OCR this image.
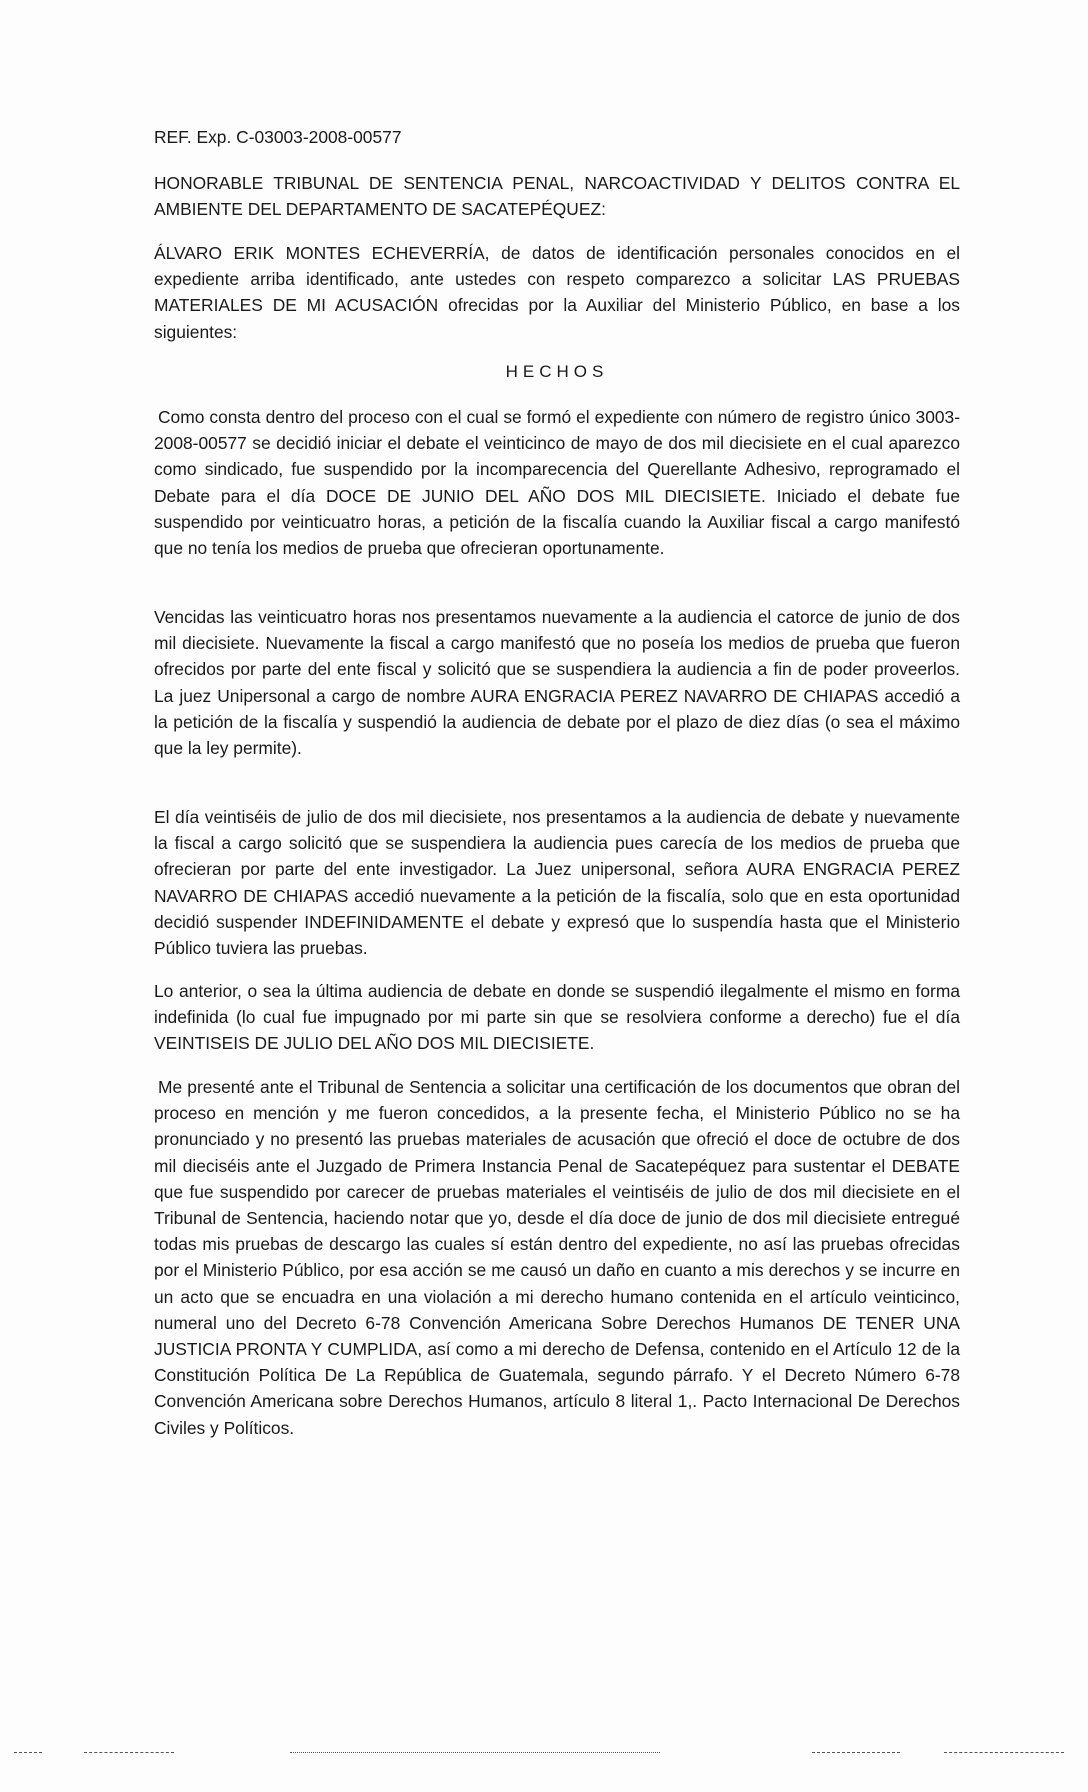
REF. Exp. C-03003-2008-00577

HONORABLE TRIBUNAL DE SENTENCIA PENAL, NARCOACTIVIDAD Y DELITOS CONTRA EL AMBIENTE DEL DEPARTAMENTO DE SACATEPÉQUEZ:

ÁLVARO ERIK MONTES ECHEVERRÍA, de datos de identificación personales conocidos en el expediente arriba identificado, ante ustedes con respeto comparezco a solicitar LAS PRUEBAS MATERIALES DE MI ACUSACIÓN ofrecidas por la Auxiliar del Ministerio Público, en base a los siguientes:

HECHOS

Como consta dentro del proceso con el cual se formó el expediente con número de registro único 3003-2008-00577 se decidió iniciar el debate el veinticinco de mayo de dos mil diecisiete en el cual aparezco como sindicado, fue suspendido por la incomparecencia del Querellante Adhesivo, reprogramado el Debate para el día DOCE DE JUNIO DEL AÑO DOS MIL DIECISIETE. Iniciado el debate fue suspendido por veinticuatro horas, a petición de la fiscalía cuando la Auxiliar fiscal a cargo manifestó que no tenía los medios de prueba que ofrecieran oportunamente.

Vencidas las veinticuatro horas nos presentamos nuevamente a la audiencia el catorce de junio de dos mil diecisiete. Nuevamente la fiscal a cargo manifestó que no poseía los medios de prueba que fueron ofrecidos por parte del ente fiscal y solicitó que se suspendiera la audiencia a fin de poder proveerlos. La juez Unipersonal a cargo de nombre AURA ENGRACIA PEREZ NAVARRO DE CHIAPAS accedió a la petición de la fiscalía y suspendió la audiencia de debate por el plazo de diez días (o sea el máximo que la ley permite).

El día veintiséis de julio de dos mil diecisiete, nos presentamos a la audiencia de debate y nuevamente la fiscal a cargo solicitó que se suspendiera la audiencia pues carecía de los medios de prueba que ofrecieran por parte del ente investigador. La Juez unipersonal, señora AURA ENGRACIA PEREZ NAVARRO DE CHIAPAS accedió nuevamente a la petición de la fiscalía, solo que en esta oportunidad decidió suspender INDEFINIDAMENTE el debate y expresó que lo suspendía hasta que el Ministerio Público tuviera las pruebas.

Lo anterior, o sea la última audiencia de debate en donde se suspendió ilegalmente el mismo en forma indefinida (lo cual fue impugnado por mi parte sin que se resolviera conforme a derecho) fue el día VEINTISEIS DE JULIO DEL AÑO DOS MIL DIECISIETE.

Me presenté ante el Tribunal de Sentencia a solicitar una certificación de los documentos que obran del proceso en mención y me fueron concedidos, a la presente fecha, el Ministerio Público no se ha pronunciado y no presentó las pruebas materiales de acusación que ofreció el doce de octubre de dos mil dieciséis ante el Juzgado de Primera Instancia Penal de Sacatepéquez para sustentar el DEBATE que fue suspendido por carecer de pruebas materiales el veintiséis de julio de dos mil diecisiete en el Tribunal de Sentencia, haciendo notar que yo, desde el día doce de junio de dos mil diecisiete entregué todas mis pruebas de descargo las cuales sí están dentro del expediente, no así las pruebas ofrecidas por el Ministerio Público, por esa acción se me causó un daño en cuanto a mis derechos y se incurre en un acto que se encuadra en una violación a mi derecho humano contenida en el artículo veinticinco, numeral uno del Decreto 6-78 Convención Americana Sobre Derechos Humanos DE TENER UNA JUSTICIA PRONTA Y CUMPLIDA, así como a mi derecho de Defensa, contenido en el Artículo 12 de la Constitución Política De La República de Guatemala, segundo párrafo. Y el Decreto Número 6-78 Convención Americana sobre Derechos Humanos, artículo 8 literal 1,. Pacto Internacional De Derechos Civiles y Políticos.
